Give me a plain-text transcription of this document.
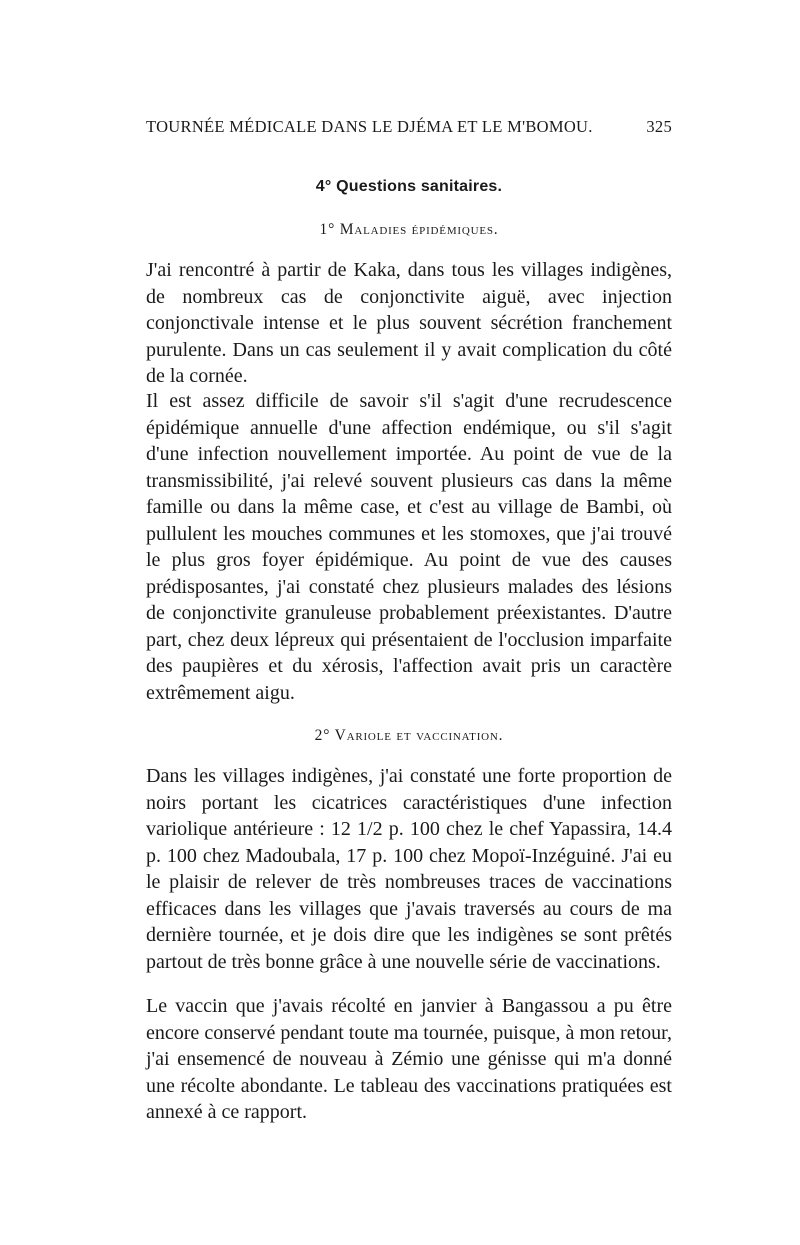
TOURNÉE MÉDICALE DANS LE DJÉMA ET LE M'BOMOU.	325
4° Questions sanitaires.
1° Maladies épidémiques.

J'ai rencontré à partir de Kaka, dans tous les villages indigènes, de nombreux cas de conjonctivite aiguë, avec injection conjonctivale intense et le plus souvent sécrétion franchement purulente. Dans un cas seulement il y avait complication du côté de la cornée.

Il est assez difficile de savoir s'il s'agit d'une recrudescence épidémique annuelle d'une affection endémique, ou s'il s'agit d'une infection nouvellement importée. Au point de vue de la transmissibilité, j'ai relevé souvent plusieurs cas dans la même famille ou dans la même case, et c'est au village de Bambi, où pullulent les mouches communes et les stomoxes, que j'ai trouvé le plus gros foyer épidémique. Au point de vue des causes prédisposantes, j'ai constaté chez plusieurs malades des lésions de conjonctivite granuleuse probablement préexistantes. D'autre part, chez deux lépreux qui présentaient de l'occlusion imparfaite des paupières et du xérosis, l'affection avait pris un caractère extrêmement aigu.

2° Variole et vaccination.

Dans les villages indigènes, j'ai constaté une forte proportion de noirs portant les cicatrices caractéristiques d'une infection variolique antérieure : 12 1/2 p. 100 chez le chef Yapassira, 14.4 p. 100 chez Madoubala, 17 p. 100 chez Mopoï-Inzéguiné. J'ai eu le plaisir de relever de très nombreuses traces de vaccinations efficaces dans les villages que j'avais traversés au cours de ma dernière tournée, et je dois dire que les indigènes se sont prêtés partout de très bonne grâce à une nouvelle série de vaccinations.

Le vaccin que j'avais récolté en janvier à Bangassou a pu être encore conservé pendant toute ma tournée, puisque, à mon retour, j'ai ensemencé de nouveau à Zémio une génisse qui m'a donné une récolte abondante. Le tableau des vaccinations pratiquées est annexé à ce rapport.
